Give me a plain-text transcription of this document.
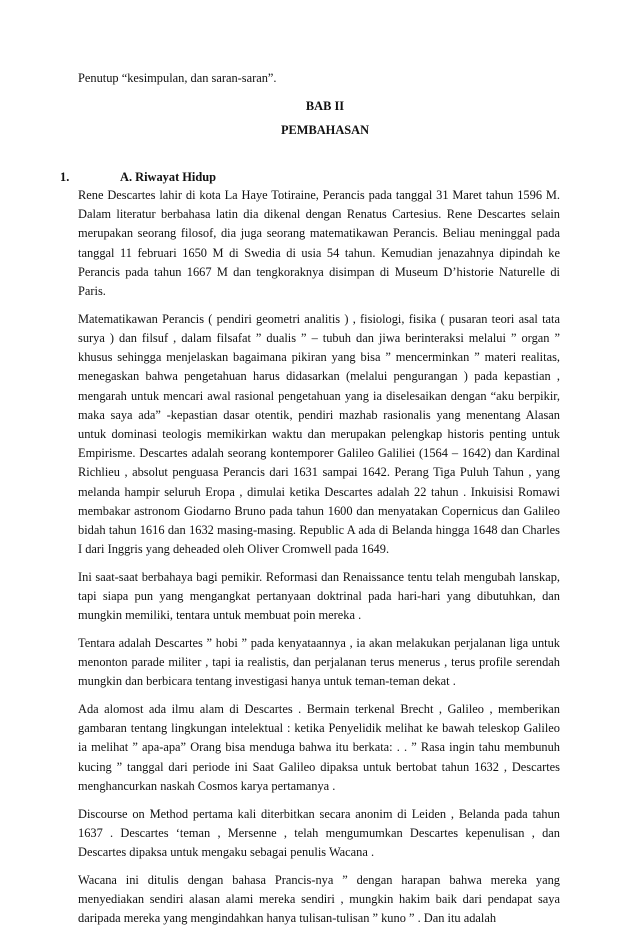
Penutup “kesimpulan, dan saran-saran”.
BAB II
PEMBAHASAN
1.	A. Riwayat Hidup

Rene Descartes lahir di kota La Haye Totiraine, Perancis pada tanggal 31 Maret tahun 1596 M. Dalam literatur berbahasa latin dia dikenal dengan Renatus Cartesius. Rene Descartes selain merupakan seorang filosof, dia juga seorang matematikawan Perancis. Beliau meninggal pada tanggal 11 februari 1650 M di Swedia di usia 54 tahun. Kemudian jenazahnya dipindah ke Perancis pada tahun 1667 M dan tengkoraknya disimpan di Museum D’historie Naturelle di Paris.

Matematikawan Perancis ( pendiri geometri analitis ) , fisiologi, fisika ( pusaran teori asal tata surya ) dan filsuf , dalam filsafat ” dualis ” – tubuh dan jiwa berinteraksi melalui ” organ ” khusus sehingga menjelaskan bagaimana pikiran yang bisa ” mencerminkan ” materi realitas, menegaskan bahwa pengetahuan harus didasarkan (melalui pengurangan ) pada kepastian , mengarah untuk mencari awal rasional pengetahuan yang ia diselesaikan dengan “aku berpikir, maka saya ada” -kepastian dasar otentik, pendiri mazhab rasionalis yang menentang Alasan untuk dominasi teologis memikirkan waktu dan merupakan pelengkap historis penting untuk Empirisme. Descartes adalah seorang kontemporer Galileo Galiliei (1564 – 1642) dan Kardinal Richlieu , absolut penguasa Perancis dari 1631 sampai 1642. Perang Tiga Puluh Tahun , yang melanda hampir seluruh Eropa , dimulai ketika Descartes adalah 22 tahun . Inkuisisi Romawi membakar astronom Giodarno Bruno pada tahun 1600 dan menyatakan Copernicus dan Galileo bidah tahun 1616 dan 1632 masing-masing. Republic A ada di Belanda hingga 1648 dan Charles I dari Inggris yang deheaded oleh Oliver Cromwell pada 1649.

Ini saat-saat berbahaya bagi pemikir. Reformasi dan Renaissance tentu telah mengubah lanskap, tapi siapa pun yang mengangkat pertanyaan doktrinal pada hari-hari yang dibutuhkan, dan mungkin memiliki, tentara untuk membuat poin mereka .

Tentara adalah Descartes ” hobi ” pada kenyataannya , ia akan melakukan perjalanan liga untuk menonton parade militer , tapi ia realistis, dan perjalanan terus menerus , terus profile serendah mungkin dan berbicara tentang investigasi hanya untuk teman-teman dekat .

Ada alomost ada ilmu alam di Descartes . Bermain terkenal Brecht , Galileo , memberikan gambaran tentang lingkungan intelektual : ketika Penyelidik melihat ke bawah teleskop Galileo ia melihat ” apa-apa” Orang bisa menduga bahwa itu berkata: . . ” Rasa ingin tahu membunuh kucing ” tanggal dari periode ini Saat Galileo dipaksa untuk bertobat tahun 1632 , Descartes menghancurkan naskah Cosmos karya pertamanya .

Discourse on Method pertama kali diterbitkan secara anonim di Leiden , Belanda pada tahun 1637 . Descartes ‘teman , Mersenne , telah mengumumkan Descartes kepenulisan , dan Descartes dipaksa untuk mengaku sebagai penulis Wacana .

Wacana ini ditulis dengan bahasa Prancis-nya ” dengan harapan bahwa mereka yang menyediakan sendiri alasan alami mereka sendiri , mungkin hakim baik dari pendapat saya daripada mereka yang mengindahkan hanya tulisan-tulisan ” kuno ” . Dan itu adalah
